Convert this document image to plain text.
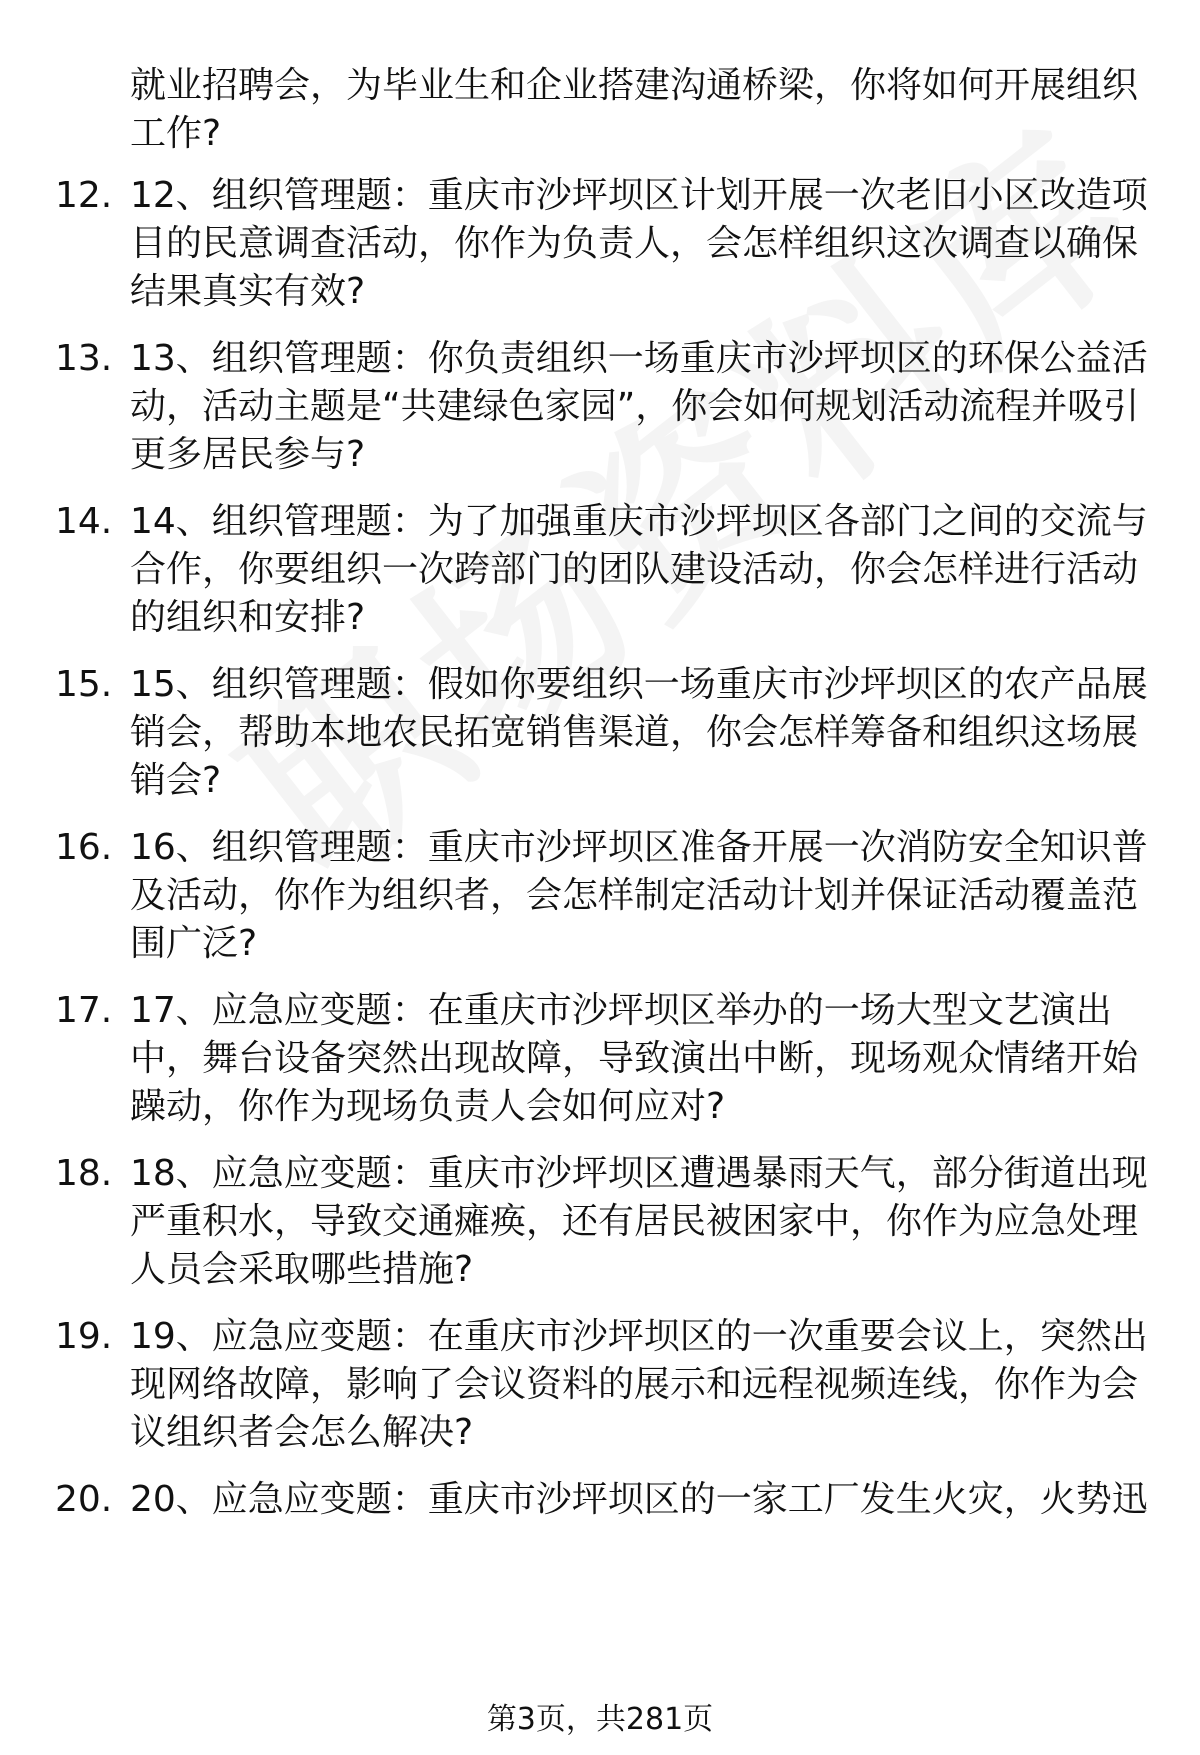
就业招聘会，为毕业生和企业搭建沟通桥梁，你将如何开展组织工作?
12. 12、组织管理题：重庆市沙坪坝区计划开展一次老旧小区改造项目的民意调查活动，你作为负责人，会怎样组织这次调查以确保结果真实有效?
13. 13、组织管理题：你负责组织一场重庆市沙坪坝区的环保公益活动，活动主题是“共建绿色家园”，你会如何规划活动流程并吸引更多居民参与?
14. 14、组织管理题：为了加强重庆市沙坪坝区各部门之间的交流与合作，你要组织一次跨部门的团队建设活动，你会怎样进行活动的组织和安排?
15. 15、组织管理题：假如你要组织一场重庆市沙坪坝区的农产品展销会，帮助本地农民拓宽销售渠道，你会怎样筹备和组织这场展销会?
16. 16、组织管理题：重庆市沙坪坝区准备开展一次消防安全知识普及活动，你作为组织者，会怎样制定活动计划并保证活动覆盖范围广泛?
17. 17、应急应变题：在重庆市沙坪坝区举办的一场大型文艺演出中，舞台设备突然出现故障，导致演出中断，现场观众情绪开始躁动，你作为现场负责人会如何应对?
18. 18、应急应变题：重庆市沙坪坝区遭遇暴雨天气，部分街道出现严重积水，导致交通瘫痪，还有居民被困家中，你作为应急处理人员会采取哪些措施?
19. 19、应急应变题：在重庆市沙坪坝区的一次重要会议上，突然出现网络故障，影响了会议资料的展示和远程视频连线，你作为会议组织者会怎么解决?
20. 20、应急应变题：重庆市沙坪坝区的一家工厂发生火灾，火势迅
第3页，共281页
